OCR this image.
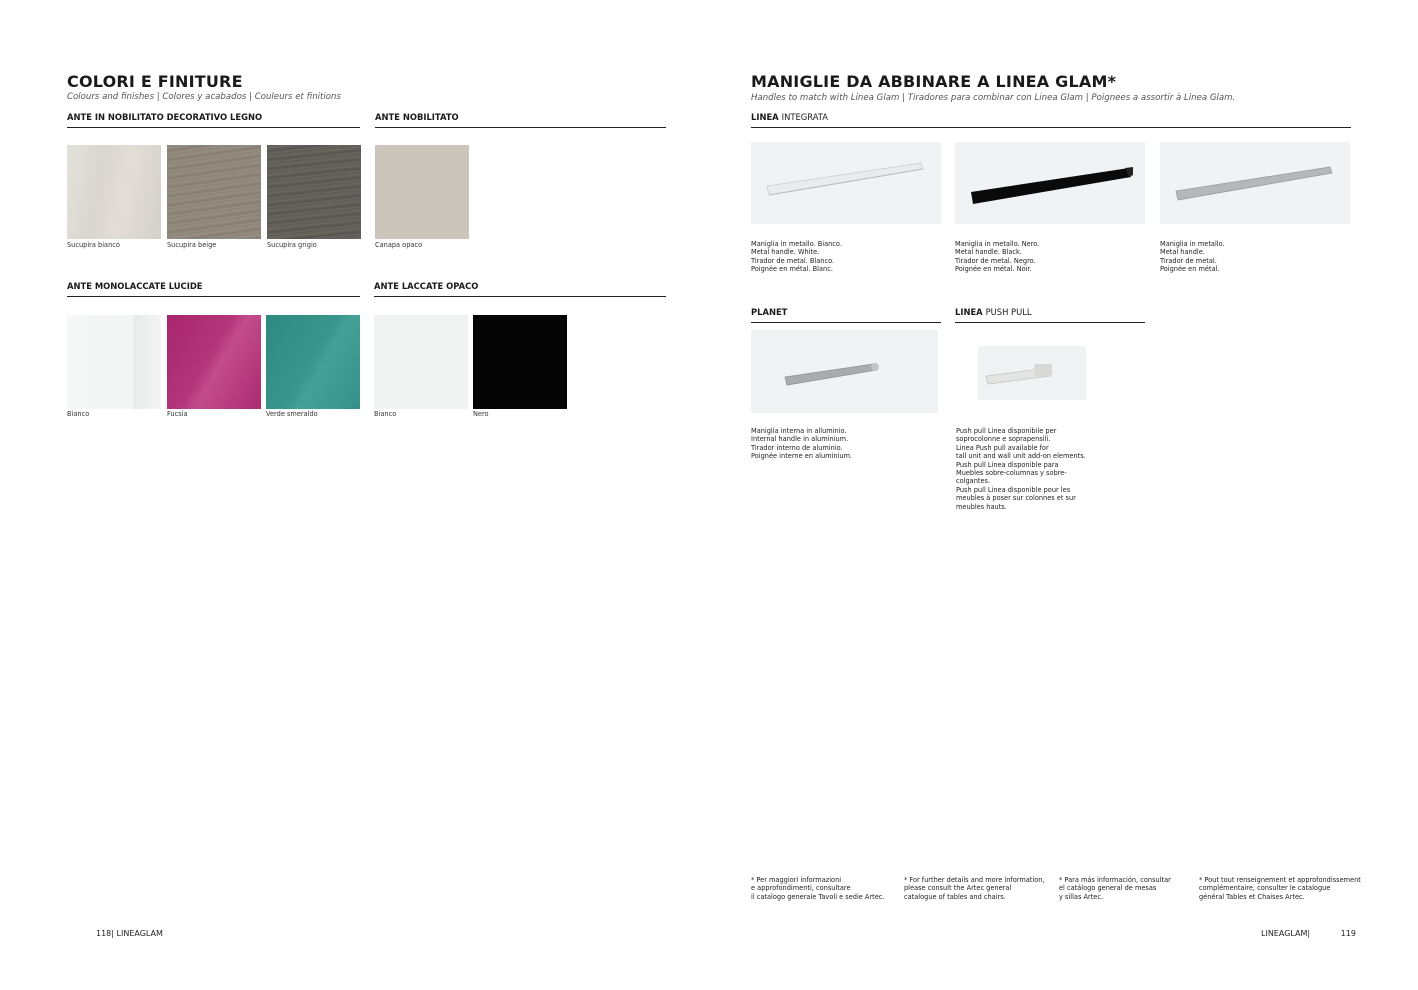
COLORI E FINITURE
Colours and finishes | Colores y acabados | Couleurs et finitions
ANTE IN NOBILITATO DECORATIVO LEGNO	ANTE NOBILITATO
Sucupira bianco	Sucupira beige	Sucupira grigio	Canapa opaco
ANTE MONOLACCATE LUCIDE	ANTE LACCATE OPACO
Bianco	Fucsia	Verde smeraldo	Bianco	Nero
118| LINEAGLAM
MANIGLIE DA ABBINARE A LINEA GLAM*
Handles to match with Linea Glam | Tiradores para combinar con Linea Glam | Poignees a assortir à Linea Glam.
LINEA INTEGRATA
Maniglia in metallo. Bianco.
Metal handle. White.
Tirador de metal. Blanco.
Poignée en métal. Blanc.
Maniglia in metallo. Nero.
Metal handle. Black.
Tirador de metal. Negro.
Poignée en métal. Noir.
Maniglia in metallo.
Metal handle.
Tirador de metal.
Poignée en métal.
PLANET	LINEA PUSH PULL
Maniglia interna in alluminio.
Internal handle in aluminium.
Tirador interno de aluminio.
Poignée interne en aluminium.
Push pull Linea disponibile per
soprocolonne e soprapensili.
Linea Push pull available for
tall unit and wall unit add-on elements.
Push pull Linea disponible para
Muebles sobre-columnas y sobre-
colgantes.
Push pull Linea disponible pour les
meubles à poser sur colonnes et sur
meubles hauts.
* Per maggiori informazioni
e approfondimenti, consultare
il catalogo generale Tavoli e sedie Artec.
* For further details and more information,
please consult the Artec general
catalogue of tables and chairs.
* Para más información, consultar
el catálogo general de mesas
y sillas Artec.
* Pout tout renseignement et approfondissement
complémentaire, consulter le catalogue
général Tables et Chaises Artec.
LINEAGLAM|	119
